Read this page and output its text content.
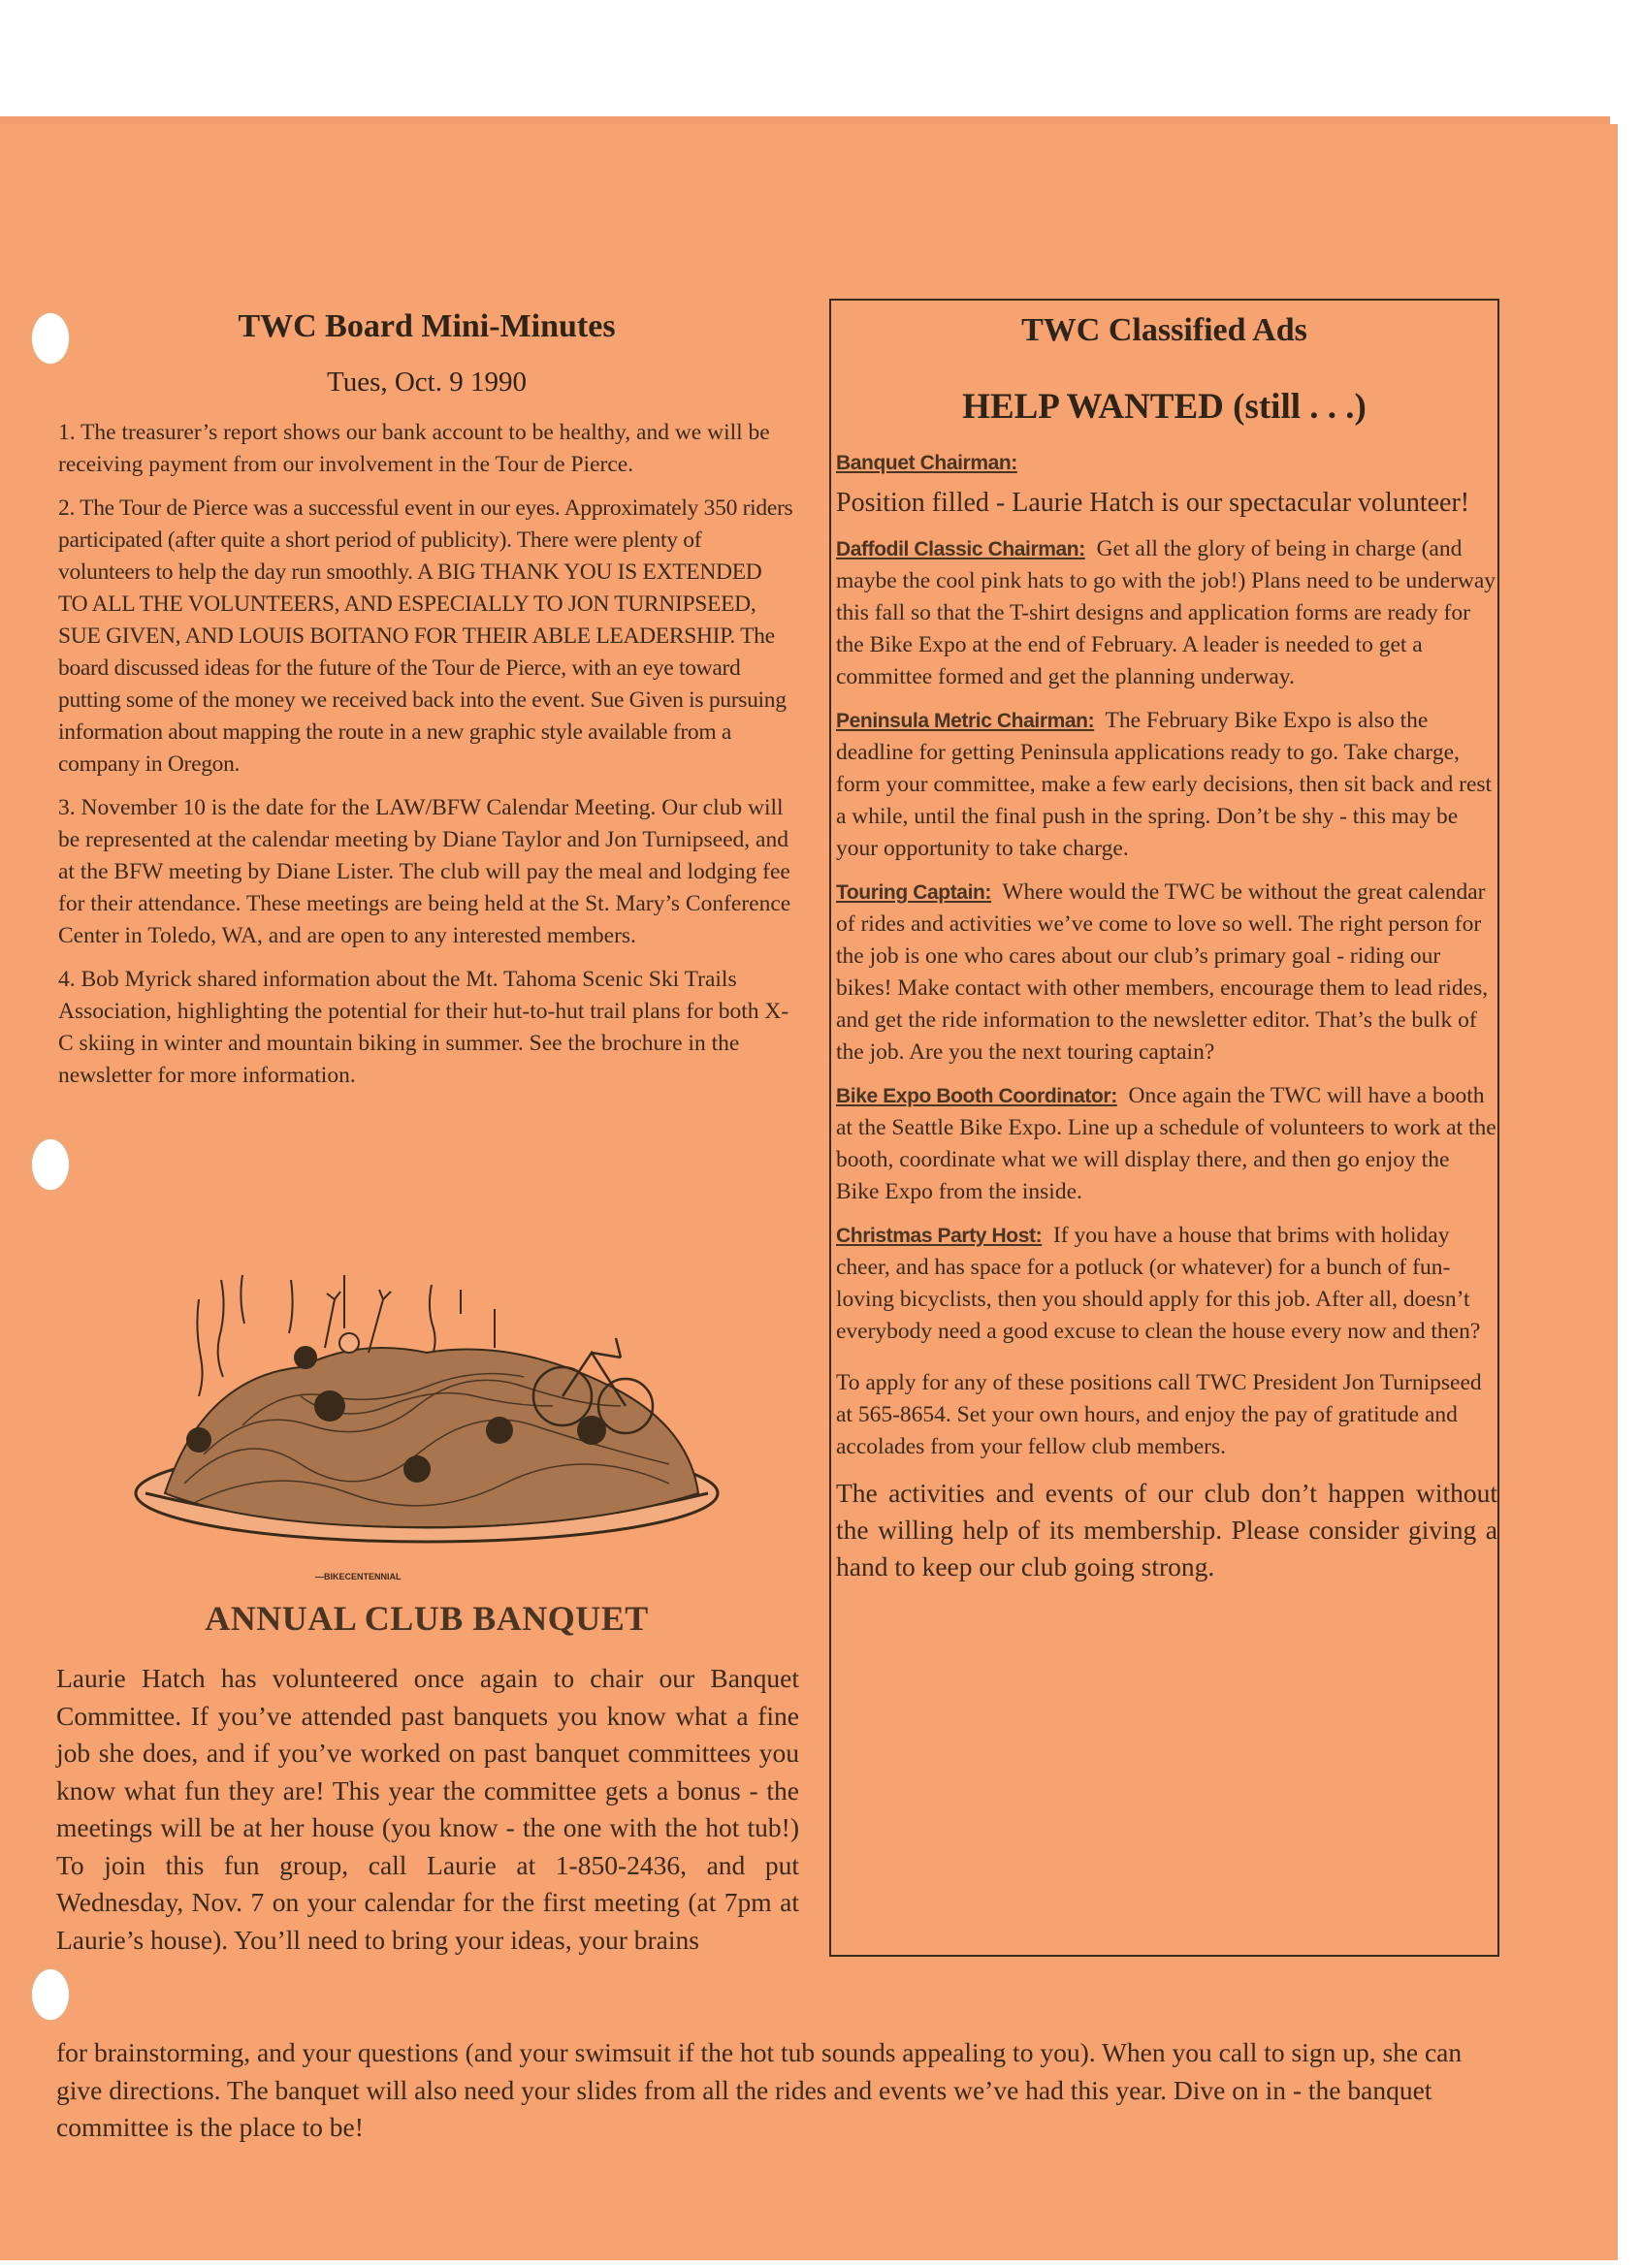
TWC Board Mini-Minutes
Tues, Oct. 9 1990

1. The treasurer’s report shows our bank account to be healthy, and we will be receiving payment from our involvement in the Tour de Pierce.

2. The Tour de Pierce was a successful event in our eyes. Approximately 350 riders participated (after quite a short period of publicity). There were plenty of volunteers to help the day run smoothly. A BIG THANK YOU IS EXTENDED TO ALL THE VOLUNTEERS, AND ESPECIALLY TO JON TURNIPSEED, SUE GIVEN, AND LOUIS BOITANO FOR THEIR ABLE LEADERSHIP. The board discussed ideas for the future of the Tour de Pierce, with an eye toward putting some of the money we received back into the event. Sue Given is pursuing information about mapping the route in a new graphic style available from a company in Oregon.

3. November 10 is the date for the LAW/BFW Calendar Meeting. Our club will be represented at the calendar meeting by Diane Taylor and Jon Turnipseed, and at the BFW meeting by Diane Lister. The club will pay the meal and lodging fee for their attendance. These meetings are being held at the St. Mary’s Conference Center in Toledo, WA, and are open to any interested members.

4. Bob Myrick shared information about the Mt. Tahoma Scenic Ski Trails Association, highlighting the potential for their hut-to-hut trail plans for both X-C skiing in winter and mountain biking in summer. See the brochure in the newsletter for more information.

—BIKECENTENNIAL
ANNUAL CLUB BANQUET
Laurie Hatch has volunteered once again to chair our Banquet Committee. If you’ve attended past banquets you know what a fine job she does, and if you’ve worked on past banquet committees you know what fun they are! This year the committee gets a bonus - the meetings will be at her house (you know - the one with the hot tub!) To join this fun group, call Laurie at 1-850-2436, and put Wednesday, Nov. 7 on your calendar for the first meeting (at 7pm at Laurie’s house). You’ll need to bring your ideas, your brains
for brainstorming, and your questions (and your swimsuit if the hot tub sounds appealing to you). When you call to sign up, she can give directions. The banquet will also need your slides from all the rides and events we’ve had this year. Dive on in - the banquet committee is the place to be!
TWC Classified Ads
HELP WANTED (still . . .)
Banquet Chairman:

Position filled - Laurie Hatch is our spectacular volunteer!

Daffodil Classic Chairman: Get all the glory of being in charge (and maybe the cool pink hats to go with the job!) Plans need to be underway this fall so that the T-shirt designs and application forms are ready for the Bike Expo at the end of February. A leader is needed to get a committee formed and get the planning underway.

Peninsula Metric Chairman: The February Bike Expo is also the deadline for getting Peninsula applications ready to go. Take charge, form your committee, make a few early decisions, then sit back and rest a while, until the final push in the spring. Don’t be shy - this may be your opportunity to take charge.

Touring Captain: Where would the TWC be without the great calendar of rides and activities we’ve come to love so well. The right person for the job is one who cares about our club’s primary goal - riding our bikes! Make contact with other members, encourage them to lead rides, and get the ride information to the newsletter editor. That’s the bulk of the job. Are you the next touring captain?

Bike Expo Booth Coordinator: Once again the TWC will have a booth at the Seattle Bike Expo. Line up a schedule of volunteers to work at the booth, coordinate what we will display there, and then go enjoy the Bike Expo from the inside.

Christmas Party Host: If you have a house that brims with holiday cheer, and has space for a potluck (or whatever) for a bunch of fun-loving bicyclists, then you should apply for this job. After all, doesn’t everybody need a good excuse to clean the house every now and then?

To apply for any of these positions call TWC President Jon Turnipseed at 565-8654. Set your own hours, and enjoy the pay of gratitude and accolades from your fellow club members.

The activities and events of our club don’t happen without the willing help of its membership. Please consider giving a hand to keep our club going strong.
